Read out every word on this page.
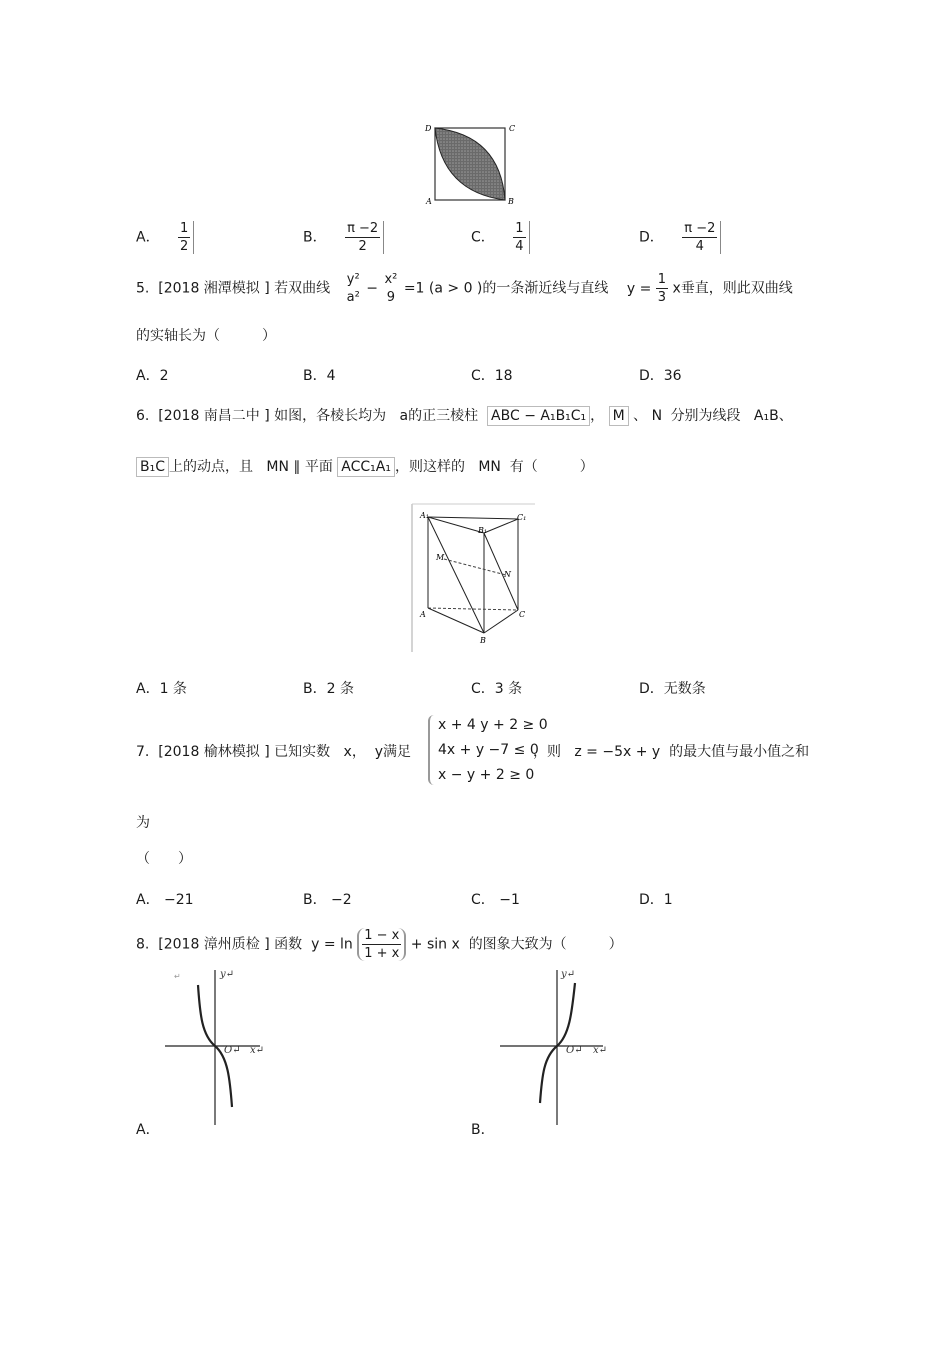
D	C
A	B
A． $\frac{1}{2}$	B． $\frac{\pi -2}{2}$	C． $\frac{1}{4}$	D． $\frac{\pi -2}{4}$
5. [2018 湘潭模拟 ] 若双曲线
y²
a²
−
x²
9
=1 (a > 0 )的一条渐近线与直线 $y = \frac{1}{3}$ x垂直，则此双曲线
的实轴长为（　　　）
A．2	B．4	C．18	D．36
6. [2018 南昌二中 ] 如图，各棱长均为 a的正三棱柱 ABC − A₁B₁C₁ ， M 、 N 分别为线段 A₁B、
B₁C 上的动点，且 MN ∥ 平面 ACC₁A₁ ，则这样的 MN 有（　　　）
A₁
B₁
C₁
M
N
A	C
B
A．1 条	B．2 条	C．3 条	D．无数条
7. [2018 榆林模拟 ] 已知实数 x， y满足
x + 4 y + 2 ≥ 0
4x + y −7 ≤ 0
x − y + 2 ≥ 0
，则 z = −5x + y 的最大值与最小值之和
为
（　　）
A． −21	B． −2	C． −1	D．1
8. [2018 漳州质检 ] 函数 $y = \ln \frac{1 - x}{1 + x} + \sin x$ 的图象大致为（　　　）
↵	y↵
O↵ x↵
y↵
O↵ x↵
A．	B．
